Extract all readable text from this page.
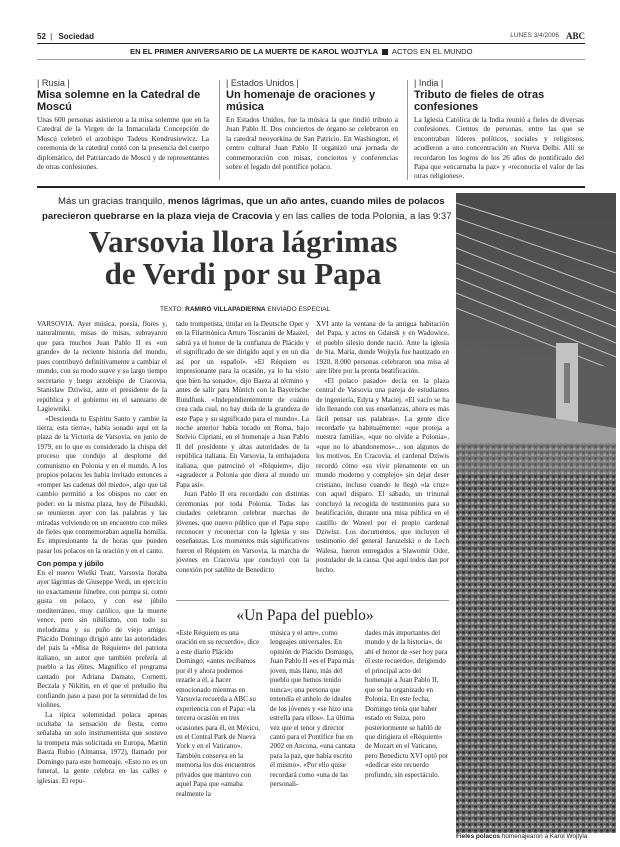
52 | Sociedad	LUNES 3/4/2006 ABC
EN EL PRIMER ANIVERSARIO DE LA MUERTE DE KAROL WOJTYLA ACTOS EN EL MUNDO
| Rusia |
Misa solemne en la Catedral de Moscú

Unas 600 personas asistieron a la misa solemne que en la Catedral de la Virgen de la Inmaculada Concepción de Moscú celebró el arzobispo Tadeus Kondrusiewicz. La ceremonia de la catedral contó con la presencia del cuerpo diplomático, del Patriarcado de Moscú y de representantes de otras confesiones.

| Estados Unidos |
Un homenaje de oraciones y música

En Estados Unidos, fue la música la que rindió tributo a Juan Pablo II. Dos conciertos de órgano se celebraron en la catedral neoyorkina de San Patricio. En Washington, el centro cultural Juan Pablo II organizó una jornada de conmemoración con misas, conciertos y conferencias sobre el legado del pontífice polaco.

| India |
Tributo de fieles de otras confesiones

La Iglesia Católica de la India reunió a fieles de diversas confesiones. Cientos de personas, entre las que se encontraban líderes políticos, sociales y religiosos, acudieron a uno concentración en Nueva Delhi. Allí se recordaron los logros de los 26 años de pontificado del Papa que «encarnaba la paz» y «reconocía el valor de las otras religiones».

Más un gracias tranquilo, menos lágrimas, que un año antes, cuando miles de polacos
parecieron quebrarse en la plaza vieja de Cracovia y en las calles de toda Polonia, a las 9:37
Varsovia llora lágrimas de Verdi por su Papa
TEXTO: RAMIRO VILLAPADIERNA ENVIADO ESPECIAL

VARSOVIA. Ayer música, poesía, flores y, naturalmente, misas de misas, subrayaron que para muchos Juan Pablo II es «un grande» de la reciente historia del mundo, pues contribuyó definitivamente a cambiar el mundo, con su modo suave y su largo tiempo secretario y luego arzobispo de Cracovia, Stanislaw Dziwisz, ante el presidente de la república y el gobierno en el santuario de Lagiewniki.

«Descienda tu Espíritu Santo y cambie la tierra, esta tierra», había sonado aquí en la plaza de la Victoria de Varsovia, en junio de 1979, en lo que es considerado la chispa del proceso que condujo al desplome del comunismo en Polonia y en el mundo. A los propios polacos les había invitado entonces a «romper las cadenas del miedo», algo que tal cambio permitió a los obispos no caer en poder: en la misma plaza, hoy de Pilsudski, se reunieron ayer con las palabras y las miradas volviendo en un encuentro con miles de fieles que conmemoraban aquella homilía. Es impresionante la de horas que pueden pasar los polacos en la oración y en el canto.

Con pompa y júbilo

En el nuevo Wielki Teatr, Varsovia lloraba ayer lágrimas de Giuseppe Verdi, un ejercicio no exactamente fúnebre, con pompa sí, como gusta en polaco, y con ese júbilo mediterráneo, muy católico, que la muerte vence, pero sin nihilismo, con todo su melodrama y su puño de viejo amigo. Plácido Domingo dirigió ante las autoridades del país la «Misa de Réquiem» del patriota italiano, un autor que también prefería al pueblo a las élites. Magnífico el programa cantado por Adriana Damato, Cornetti, Beczala y Nikitin, en el que el preludio iba confiando paso a paso por la serenidad de los violines.

La típica solemnidad polaca apenas ocultaba la sensación de fiesta, como señalaba un solo instrumentista que sostuvo la trompeta más solicitada en Europa, Martin Baeza Rubio (Almansa, 1972), llamado por Domingo para este homenaje. «Esto no es un funeral, la gente celebra en las calles e iglesias. El repu-

tado trompetista, titular en la Deutsche Oper y en la Filarmónica Arturo Toscanini de Maazel, sabrá ya el honor de la confianza de Plácido y el significado de ser dirigido aquí y en un día así por un español». «El Réquiem es impresionante para la ocasión, ya lo ha visto que bien ha sonado», dijo Baeza al término y antes de salir para Múnich con la Bayerische Rundfunk. «Independientemente de cuánto crea cada cual, no hay duda de la grandeza de este Papa y su significado para el mundo». La noche anterior había tocado en Roma, bajo Stelvio Cipriani, en el homenaje a Juan Pablo II del presidente y altas autoridades de la república italiana. En Varsovia, la embajadora italiana, que patrocinó el «Réquiem», dijo «agradecer a Polonia que diera al mundo un Papa así».

Juan Pablo II era recordado con distintas ceremonias por toda Polonia. Todas las ciudades celebraron celebrar marchas de jóvenes, que nuevo público que el Papa supo reconocer y reconectar con la Iglesia y sus enseñanzas. Los momentos más significativos fueron el Réquiem en Varsovia, la marcha de jóvenes en Cracovia que concluyó con la conexión por satélite de Benedicto

XVI ante la ventana de la antigua habitación del Papa, y actos en Gdansk y en Wadowice, el pueblo silesio donde nació. Ante la iglesia de Sta. María, donde Wojtyla fue bautizado en 1920, 8.000 personas celebraron una misa al aire libre por la pronta beatificación.

«El polaco pasado» decía en la plaza central de Varsovia una pareja de estudiantes de ingeniería, Edyta y Maciej. «El vacío se ha ido llenando con sus enseñanzas, ahora es más fácil pensar sus palabras». La gente dice recordarle ya habitualmente: «que proteja a nuestra familia», «que no olvide a Polonia», «que no lo abandonemos»... son algunos de los motivos. En Cracovia, el cardenal Dziwis recordó cómo «su vivir plenamente en un mundo moderno y complejo» sin dejar deser cristiano, incluso cuando le llegó «la cruz» con aquel disparo. El sábado, un trinunal concluyó la recogida de testimonios para su beatificación, durante una misa pública en el castillo de Wawel por el propio cardenal Dziwisz. Los documentos, que incluyen el testimonio del general Jaruzelski o de Lech Walesa, fueron entregados a Slawomir Oder, postulador de la causa. Que aquí todos dan por hecho.

«Un Papa del pueblo»

«Este Réquiem es una oración en su recuerdo», dice a este diario Plácido Domingo; «antes recibamos por él y ahora podemos rezarle a él, a hacer emocionado mientras en Varsovia recuerda a ABC su experiencia con el Papa: «la tercera ocasión en tres ocasiones para él, en México, en el Central Park de Nueva York y en el Vaticano». También conserva en la memoria los dos encuentros privados que mantuvo con aquel Papa que «amaba realmente la

música y el arte», como lenguajes universales. En opinión de Plácido Domingo, Juan Pablo II «es el Papa más joven, más llano, más del pueblo que hemos tenido nunca»; una persona que entendía el anhelo de ideales de los jóvenes y «se hizo una estrella para ellos». La última vez que el tenor y director cantó para el Pontífice fue en 2002 en Ancona, «una cantata para la paz, que había escrito él mismo». «Por ello quise recordará como «una de las personali-

dades más importantes del mundo y de la historia», de ahí el honor de «ser hoy para él este recuerdo», dirigiendo el principal acto del homenaje a Juan Pablo II, que se ha organizado en Polonia. En este fecha, Domingo tenía que haber estado en Suiza, pero posteriormente se habló de que dirigiera el «Réquiem» de Mozart en el Vaticano, pero Benedicto XVI optó por «dedicar este recuerdo profundo, sin espectáculo.

Fieles polacos homenajearon a Karol Wojtyla
